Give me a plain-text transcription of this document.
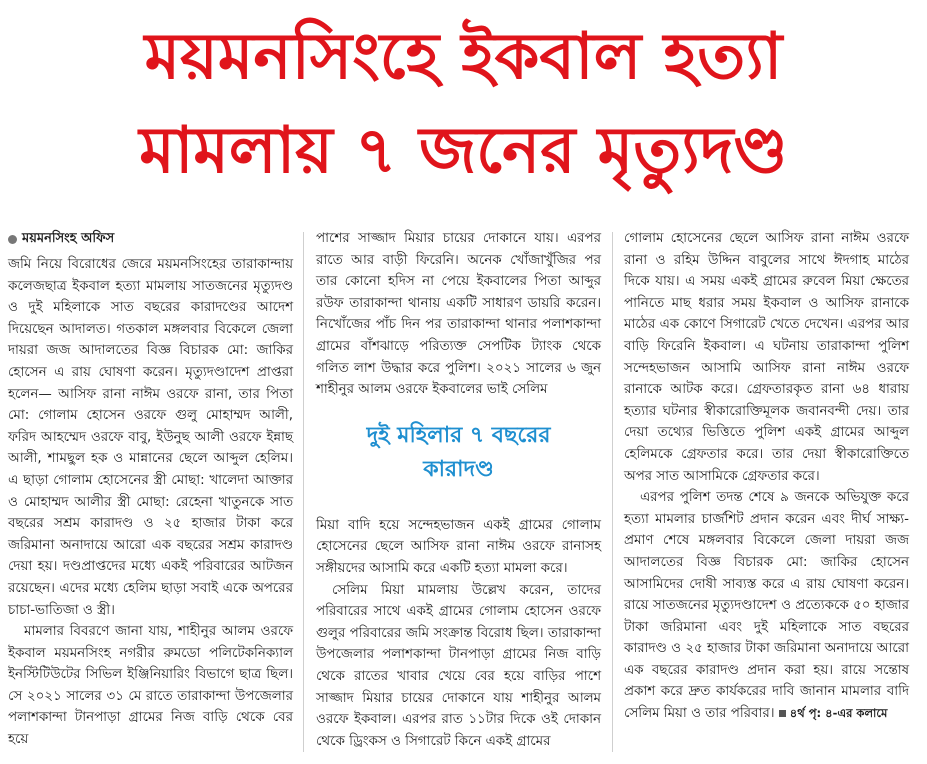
ময়মনসিংহে ইকবাল হত্যা
মামলায় ৭ জনের মৃত্যুদণ্ড
ময়মনসিংহ অফিস

জমি নিয়ে বিরোধের জেরে ময়মনসিংহের তারাকান্দায় কলেজছাত্র ইকবাল হত্যা মামলায় সাতজনের মৃত্যুদণ্ড ও দুই মহিলাকে সাত বছরের কারাদণ্ডের আদেশ দিয়েছেন আদালত। গতকাল মঙ্গলবার বিকেলে জেলা দায়রা জজ আদালতের বিজ্ঞ বিচারক মো: জাকির হোসেন এ রায় ঘোষণা করেন। মৃত্যুদণ্ডাদেশ প্রাপ্তরা হলেন— আসিফ রানা নাঈম ওরফে রানা, তার পিতা মো: গোলাম হোসেন ওরফে গুলু মোহাম্মদ আলী, ফরিদ আহম্মেদ ওরফে বাবু, ইউনুছ আলী ওরফে ইন্নাছ আলী, শামছুল হক ও মান্নানের ছেলে আব্দুল হেলিম। এ ছাড়া গোলাম হোসেনের স্ত্রী মোছা: খালেদা আক্তার ও মোহাম্মদ আলীর স্ত্রী মোছা: রেহেনা খাতুনকে সাত বছরের সশ্রম কারাদণ্ড ও ২৫ হাজার টাকা করে জরিমানা অনাদায়ে আরো এক বছরের সশ্রম কারাদণ্ড দেয়া হয়। দণ্ডপ্রাপ্তদের মধ্যে একই পরিবারের আটজন রয়েছেন। এদের মধ্যে হেলিম ছাড়া সবাই একে অপরের চাচা-ভাতিজা ও স্ত্রী।

মামলার বিবরণে জানা যায়, শাহীনুর আলম ওরফে ইকবাল ময়মনসিংহ নগরীর রুমডো পলিটেকনিক্যাল ইনস্টিটিউটের সিভিল ইঞ্জিনিয়ারিং বিভাগে ছাত্র ছিল। সে ২০২১ সালের ৩১ মে রাতে তারাকান্দা উপজেলার পলাশকান্দা টানপাড়া গ্রামের নিজ বাড়ি থেকে বের হয়ে

পাশের সাজ্জাদ মিয়ার চায়ের দোকানে যায়। এরপর রাতে আর বাড়ী ফিরেনি। অনেক খোঁজাখুঁজির পর তার কোনো হদিস না পেয়ে ইকবালের পিতা আব্দুর রউফ তারাকান্দা থানায় একটি সাধারণ ডায়রি করেন। নিখোঁজের পাঁচ দিন পর তারাকান্দা থানার পলাশকান্দা গ্রামের বাঁশঝাড়ে পরিত্যক্ত সেপটিক ট্যাংক থেকে গলিত লাশ উদ্ধার করে পুলিশ। ২০২১ সালের ৬ জুন শাহীনুর আলম ওরফে ইকবালের ভাই সেলিম

দুই মহিলার ৭ বছরের
কারাদণ্ড

মিয়া বাদি হয়ে সন্দেহভাজন একই গ্রামের গোলাম হোসেনের ছেলে আসিফ রানা নাঈম ওরফে রানাসহ সঙ্গীয়দের আসামি করে একটি হত্যা মামলা করে।

সেলিম মিয়া মামলায় উল্লেখ করেন, তাদের পরিবারের সাথে একই গ্রামের গোলাম হোসেন ওরফে গুলুর পরিবারের জমি সংক্রান্ত বিরোধ ছিল। তারাকান্দা উপজেলার পলাশকান্দা টানপাড়া গ্রামের নিজ বাড়ি থেকে রাতের খাবার খেয়ে বের হয়ে বাড়ির পাশে সাজ্জাদ মিয়ার চায়ের দোকানে যায় শাহীনুর আলম ওরফে ইকবাল। এরপর রাত ১১টার দিকে ওই দোকান থেকে ড্রিংকস ও সিগারেট কিনে একই গ্রামের

গোলাম হোসেনের ছেলে আসিফ রানা নাঈম ওরফে রানা ও রহিম উদ্দিন বাবুলের সাথে ঈদগাহ মাঠের দিকে যায়। এ সময় একই গ্রামের রুবেল মিয়া ক্ষেতের পানিতে মাছ ধরার সময় ইকবাল ও আসিফ রানাকে মাঠের এক কোণে সিগারেট খেতে দেখেন। এরপর আর বাড়ি ফিরেনি ইকবাল। এ ঘটনায় তারাকান্দা পুলিশ সন্দেহভাজন আসামি আসিফ রানা নাঈম ওরফে রানাকে আটক করে। গ্রেফতারকৃত রানা ৬৪ ধারায় হত্যার ঘটনার স্বীকারোক্তিমূলক জবানবন্দী দেয়। তার দেয়া তথ্যের ভিত্তিতে পুলিশ একই গ্রামের আব্দুল হেলিমকে গ্রেফতার করে। তার দেয়া স্বীকারোক্তিতে অপর সাত আসামিকে গ্রেফতার করে।

এরপর পুলিশ তদন্ত শেষে ৯ জনকে অভিযুক্ত করে হত্যা মামলার চার্জশিট প্রদান করেন এবং দীর্ঘ সাক্ষ্য-প্রমাণ শেষে মঙ্গলবার বিকেলে জেলা দায়রা জজ আদালতের বিজ্ঞ বিচারক মো: জাকির হোসেন আসামিদের দোষী সাব্যস্ত করে এ রায় ঘোষণা করেন। রায়ে সাতজনের মৃত্যুদণ্ডাদেশ ও প্রত্যেককে ৫০ হাজার টাকা জরিমানা এবং দুই মহিলাকে সাত বছরের কারাদণ্ড ও ২৫ হাজার টাকা জরিমানা অনাদায়ে আরো এক বছরের কারাদণ্ড প্রদান করা হয়। রায়ে সন্তোষ প্রকাশ করে দ্রুত কার্যকরের দাবি জানান মামলার বাদি সেলিম মিয়া ও তার পরিবার। ৪র্থ পৃ: ৪-এর কলামে
